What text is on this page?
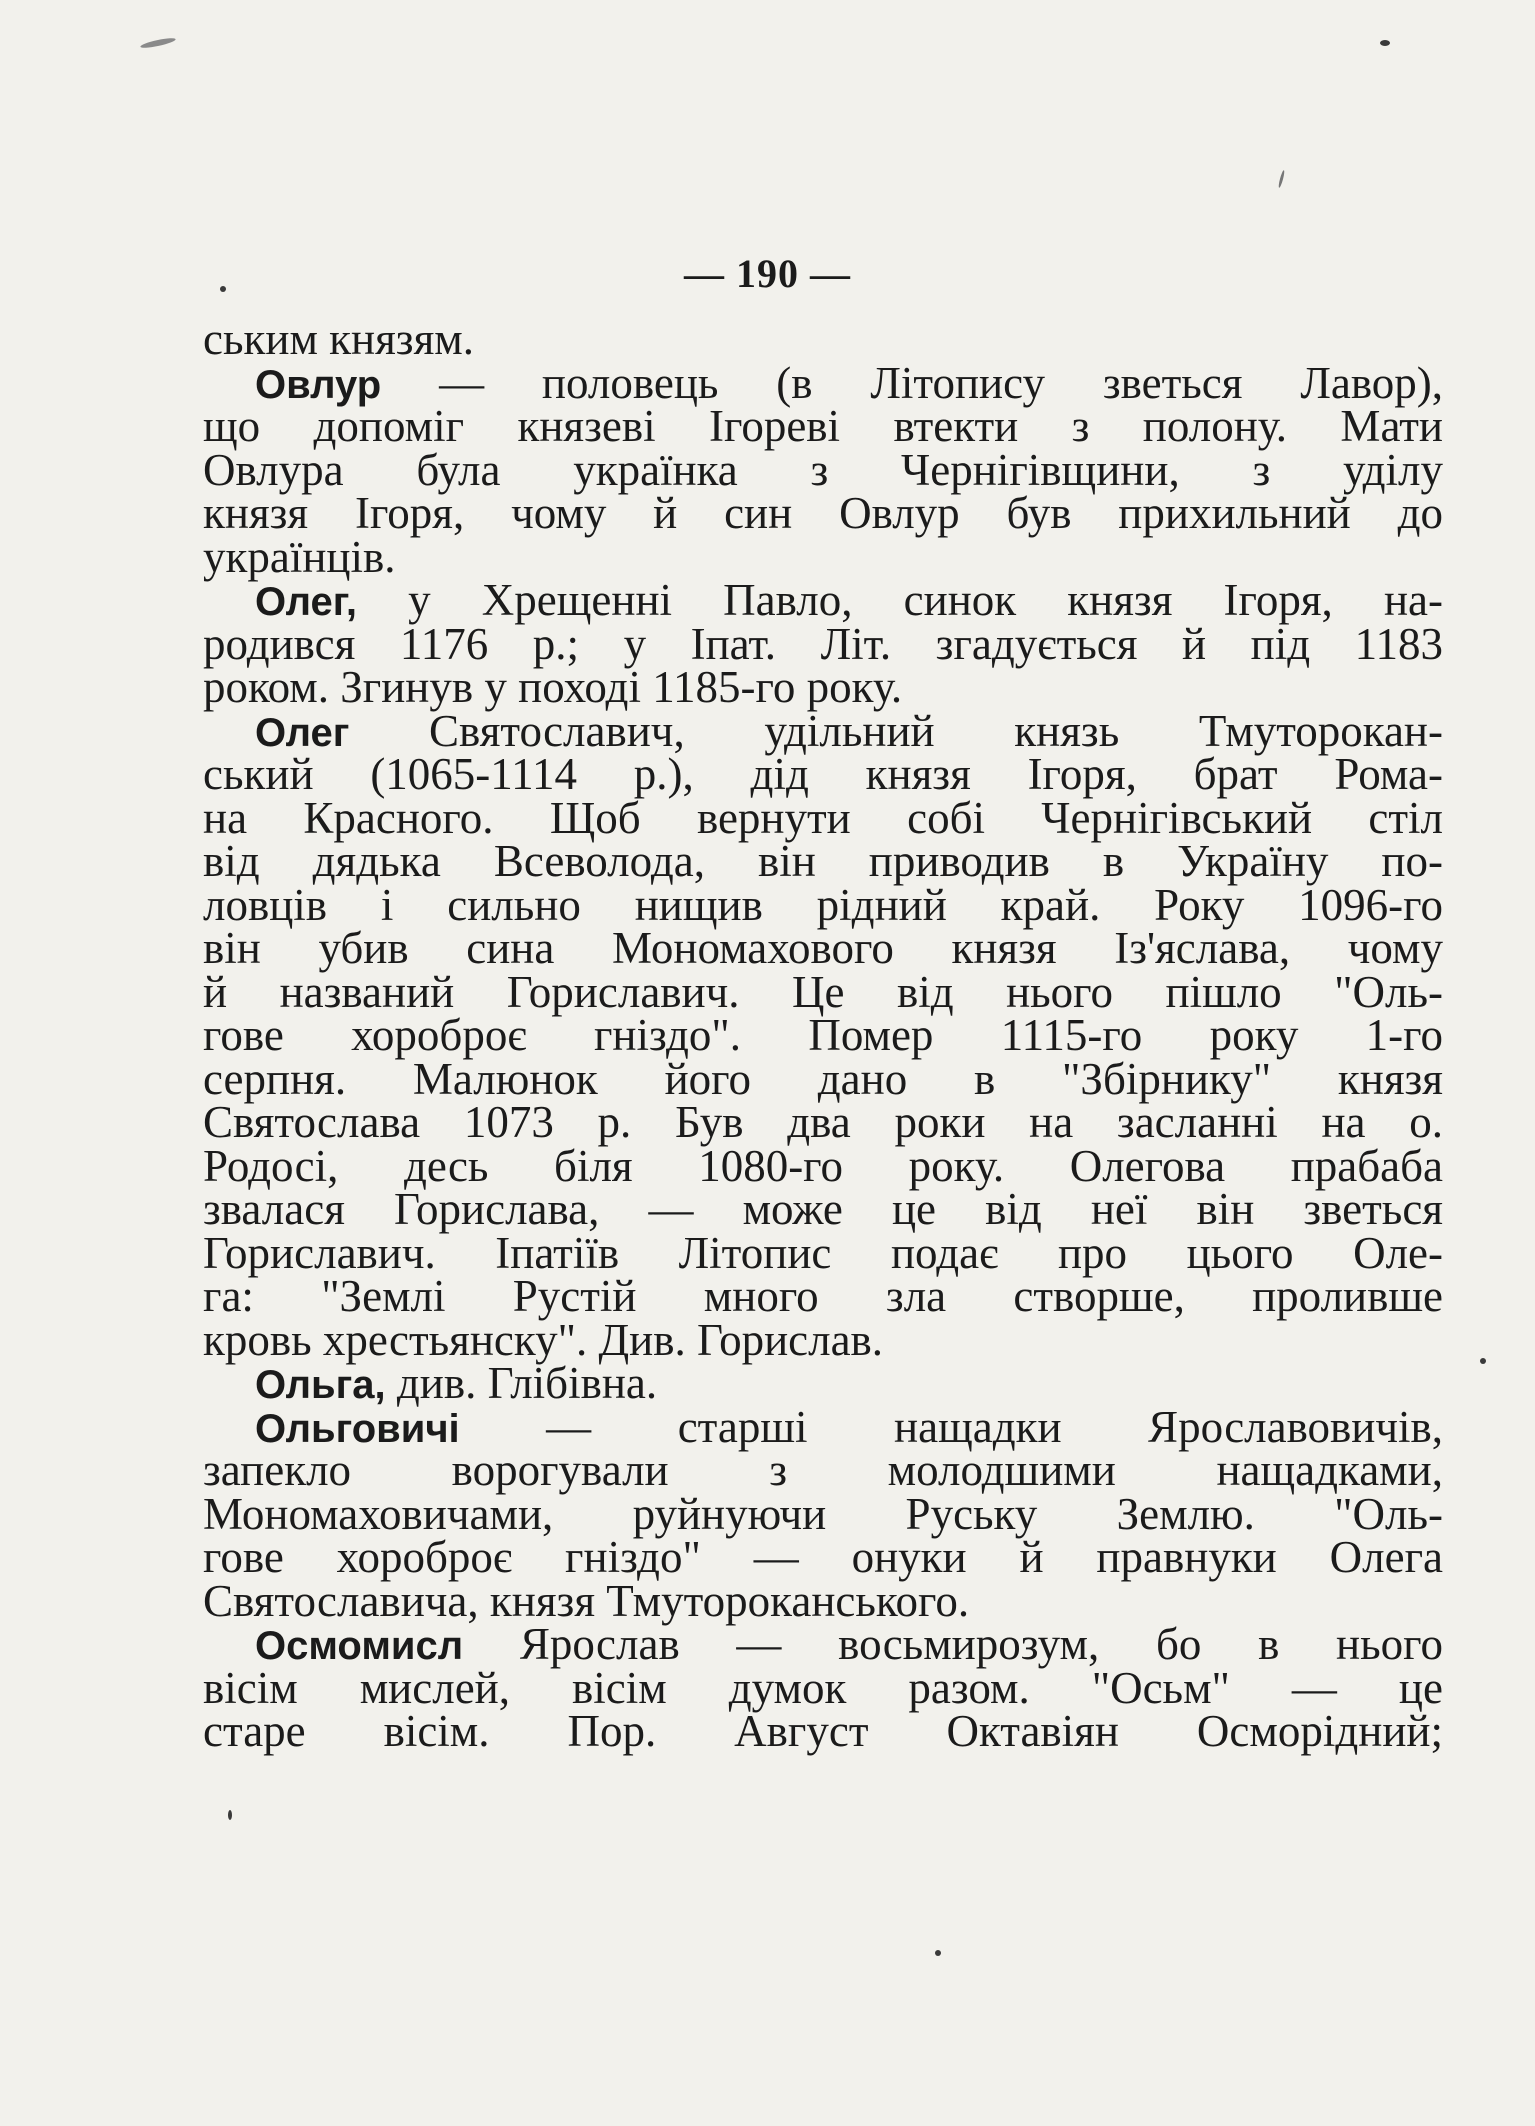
— 190 —
ським князям.
Овлур — половець (в Літопису зветься Лавор),
що допоміг князеві Ігореві втекти з полону. Мати
Овлура була українка з Чернігівщини, з уділу
князя Ігоря, чому й син Овлур був прихильний до
українців.
Олег, у Хрещенні Павло, синок князя Ігоря, на-
родився 1176 р.; у Іпат. Літ. згадується й під 1183
роком. Згинув у поході 1185-го року.
Олег Святославич, удільний князь Тмуторокан-
ський (1065-1114 р.), дід князя Ігоря, брат Рома-
на Красного. Щоб вернути собі Чернігівський стіл
від дядька Всеволода, він приводив в Україну по-
ловців і сильно нищив рідний край. Року 1096-го
він убив сина Мономахового князя Із'яслава, чому
й названий Гориславич. Це від нього пішло "Оль-
гове хороброє гніздо". Помер 1115-го року 1-го
серпня. Малюнок його дано в "Збірнику" князя
Святослава 1073 р. Був два роки на засланні на о.
Родосі, десь біля 1080-го року. Олегова прабаба
звалася Горислава, — може це від неї він зветься
Гориславич. Іпатіїв Літопис подає про цього Оле-
га: "Землі Рустій много зла створше, проливше
кровь хрестьянску". Див. Горислав.
Ольга, див. Глібівна.
Ольговичі — старші нащадки Ярославовичів,
запекло ворогували з молодшими нащадками,
Мономаховичами, руйнуючи Руську Землю. "Оль-
гове хороброє гніздо" — онуки й правнуки Олега
Святославича, князя Тмутороканського.
Осмомисл Ярослав — восьмирозум, бо в нього
вісім мислей, вісім думок разом. "Осьм" — це
старе вісім. Пор. Август Октавіян Осморідний;
